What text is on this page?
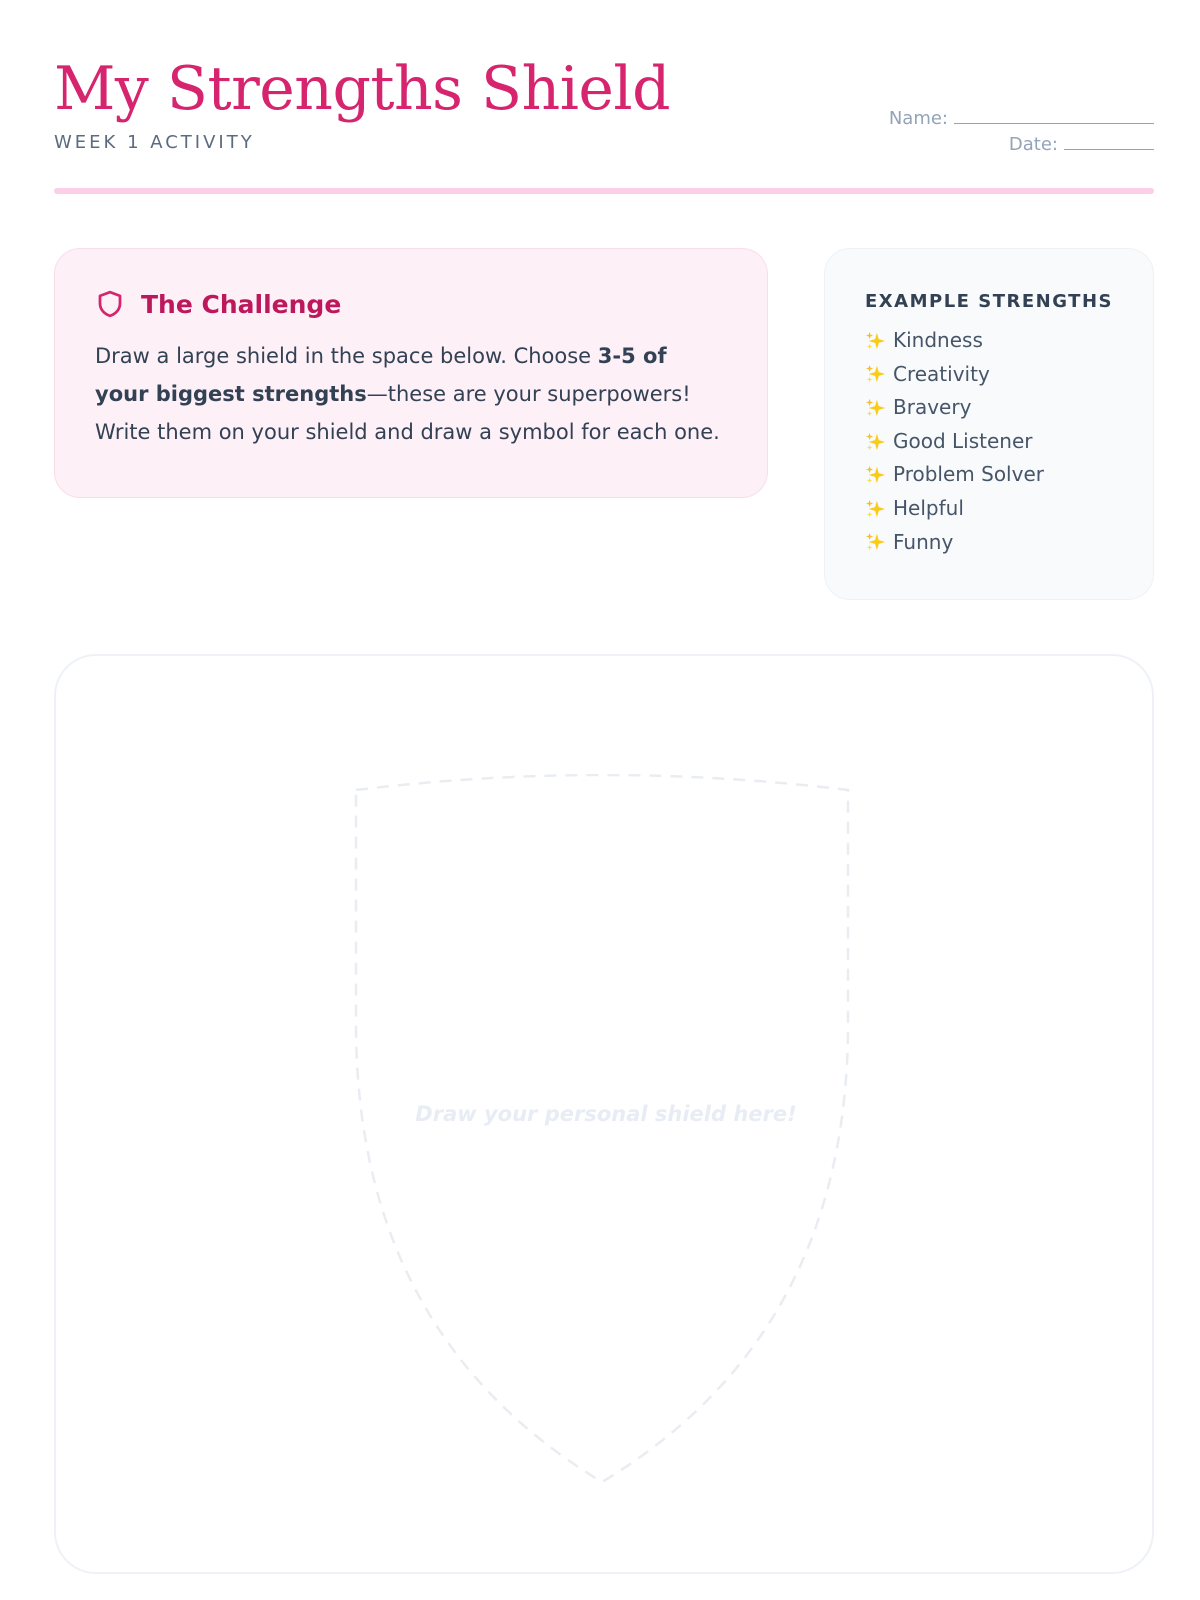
My Strengths Shield
WEEK 1 ACTIVITY
Name:
Date:
The Challenge
Draw a large shield in the space below. Choose 3-5 of your biggest strengths—these are your superpowers! Write them on your shield and draw a symbol for each one.
EXAMPLE STRENGTHS
Kindness
Creativity
Bravery
Good Listener
Problem Solver
Helpful
Funny
Draw your personal shield here!
